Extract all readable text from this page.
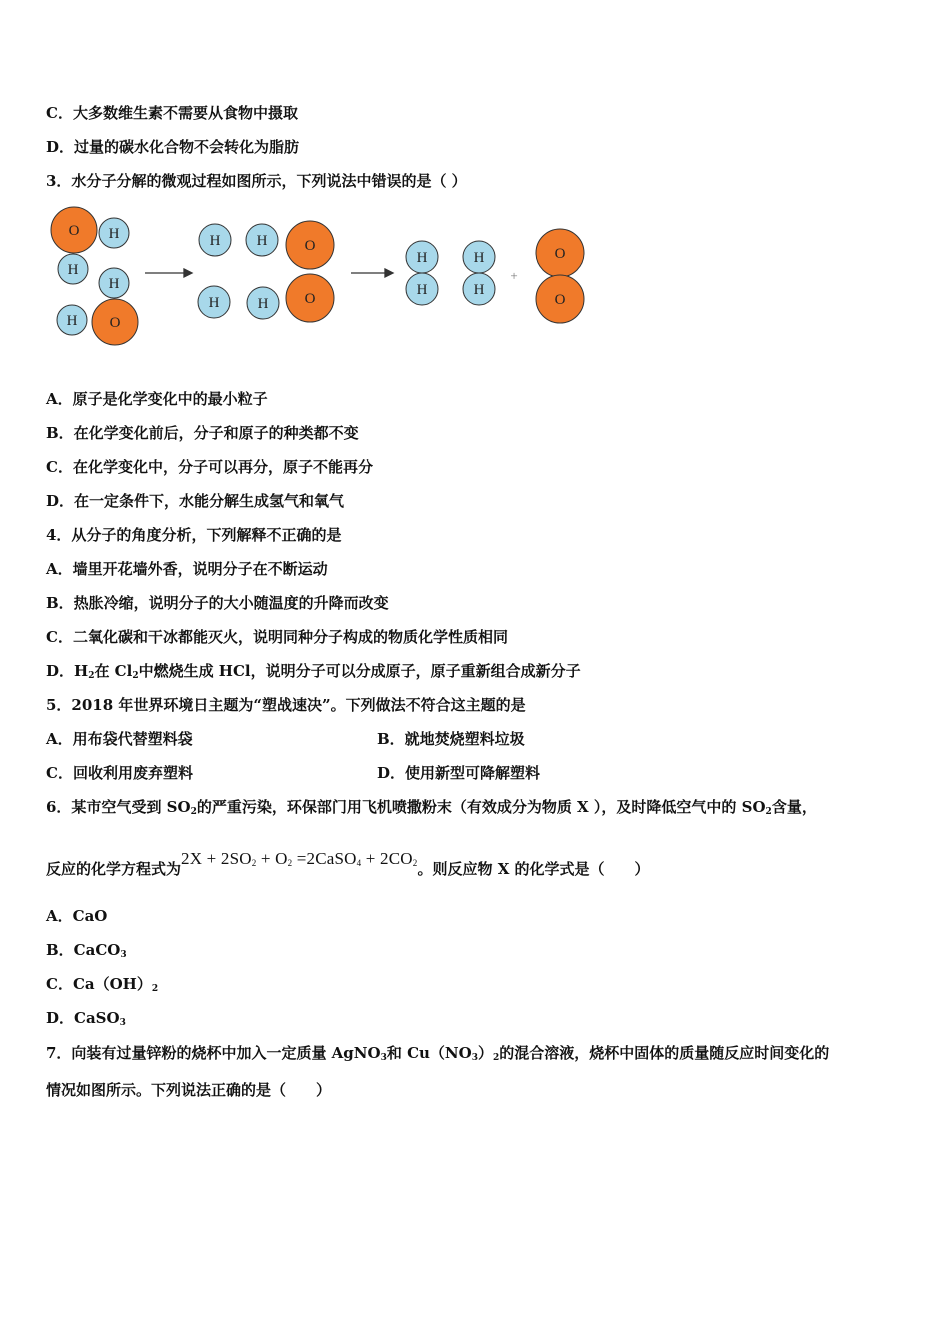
C．大多数维生素不需要从食物中摄取
D．过量的碳水化合物不会转化为脂肪
3．水分子分解的微观过程如图所示，下列说法中错误的是（ ）
O H
H
H
H O
H H O
H	H O
H
H
H
H
O
O
+
A．原子是化学变化中的最小粒子
B．在化学变化前后，分子和原子的种类都不变
C．在化学变化中，分子可以再分，原子不能再分
D．在一定条件下，水能分解生成氢气和氧气
4．从分子的角度分析，下列解释不正确的是
A．墙里开花墙外香，说明分子在不断运动
B．热胀冷缩，说明分子的大小随温度的升降而改变
C．二氧化碳和干冰都能灭火，说明同种分子构成的物质化学性质相同
D．$H_2$在 $Cl_2$中燃烧生成 HCl，说明分子可以分成原子，原子重新组合成新分子
5．2018 年世界环境日主题为“塑战速决”。下列做法不符合这主题的是
A．用布袋代替塑料袋	B．就地焚烧塑料垃圾
C．回收利用废弃塑料	D．使用新型可降解塑料
6．某市空气受到 $SO_2$的严重污染，环保部门用飞机喷撒粉末（有效成分为物质 X ），及时降低空气中的 $SO_2$含量，
反应的化学方程式为$2X + 2SO_2 + O_2$ =2CaSO$_4$ + $2CO_2$。则反应物 X 的化学式是（　　）
A．CaO
B．CaCO$_3$
C．$Ca(OH)_2$
D．CaSO$_3$
7．向装有过量锌粉的烧杯中加入一定质量 AgNO$_3$和 $Cu(NO_3)_2$的混合溶液，烧杯中固体的质量随反应时间变化的
情况如图所示。下列说法正确的是（　　）
